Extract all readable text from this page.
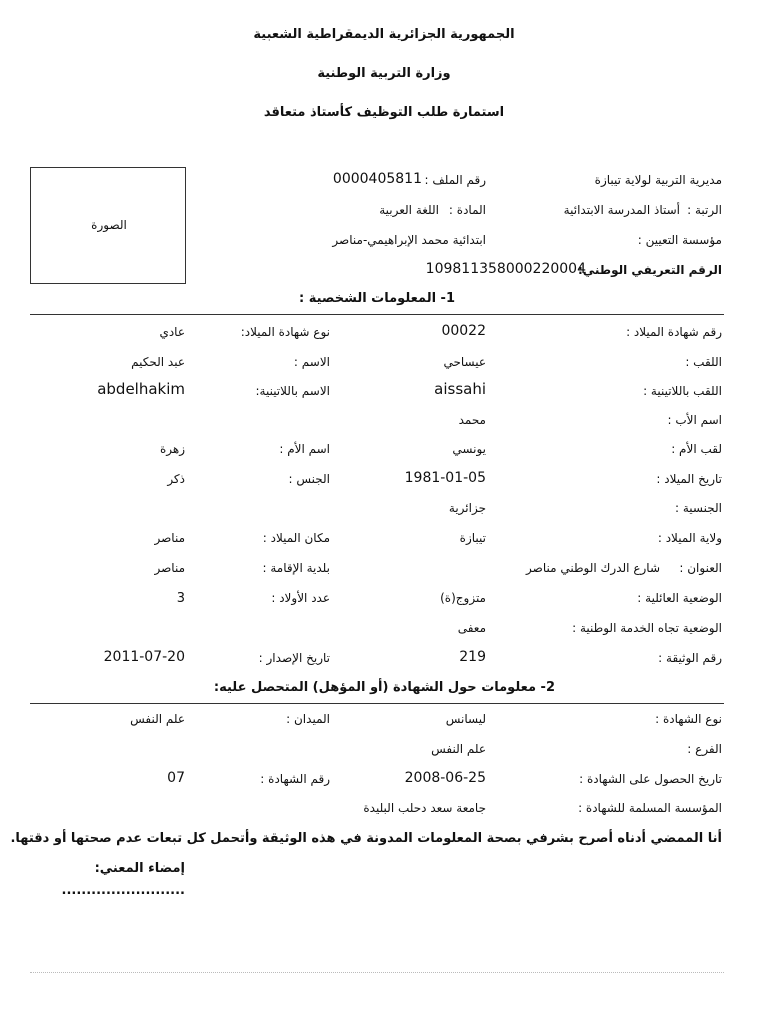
الجمهورية الجزائرية الديمقراطية الشعبية
وزارة التربية الوطنية
استمارة طلب التوظيف كأستاذ متعاقد
الصورة
مديرية التربية لولاية تيبازة
رقم الملف :
0000405811
الرتبة :
أستاذ المدرسة الابتدائية
المادة :
اللغة العربية
مؤسسة التعيين :
ابتدائية محمد الإبراهيمي-مناصر
الرقم التعريفي الوطني:
109811358000220004
1- المعلومات الشخصية :
رقم شهادة الميلاد :
00022
نوع شهادة الميلاد:
عادي
اللقب :
عيساحي
الاسم :
عبد الحكيم
اللقب باللاتينية :
aissahi
الاسم باللاتينية:
abdelhakim
اسم الأب :
محمد
لقب الأم :
يونسي
اسم الأم :
زهرة
تاريخ الميلاد :
1981-01-05
الجنس :
ذكر
الجنسية :
جزائرية
ولاية الميلاد :
تيبازة
مكان الميلاد :
مناصر
العنوان :
شارع الدرك الوطني مناصر
بلدية الإقامة :
مناصر
الوضعية العائلية :
متزوج(ة)
عدد الأولاد :
3
الوضعية تجاه الخدمة الوطنية :
معفى
رقم الوثيقة :
219
تاريخ الإصدار :
2011-07-20
2- معلومات حول الشهادة (أو المؤهل) المتحصل عليه:
نوع الشهادة :
ليسانس
الميدان :
علم النفس
الفرع :
علم النفس
تاريخ الحصول على الشهادة :
2008-06-25
رقم الشهادة :
07
المؤسسة المسلمة للشهادة :
جامعة سعد دحلب البليدة
أنا الممضي أدناه أصرح بشرفي بصحة المعلومات المدونة في هذه الوثيقة وأتحمل كل تبعات عدم صحتها أو دقتها.
إمضاء المعني:
.........................
